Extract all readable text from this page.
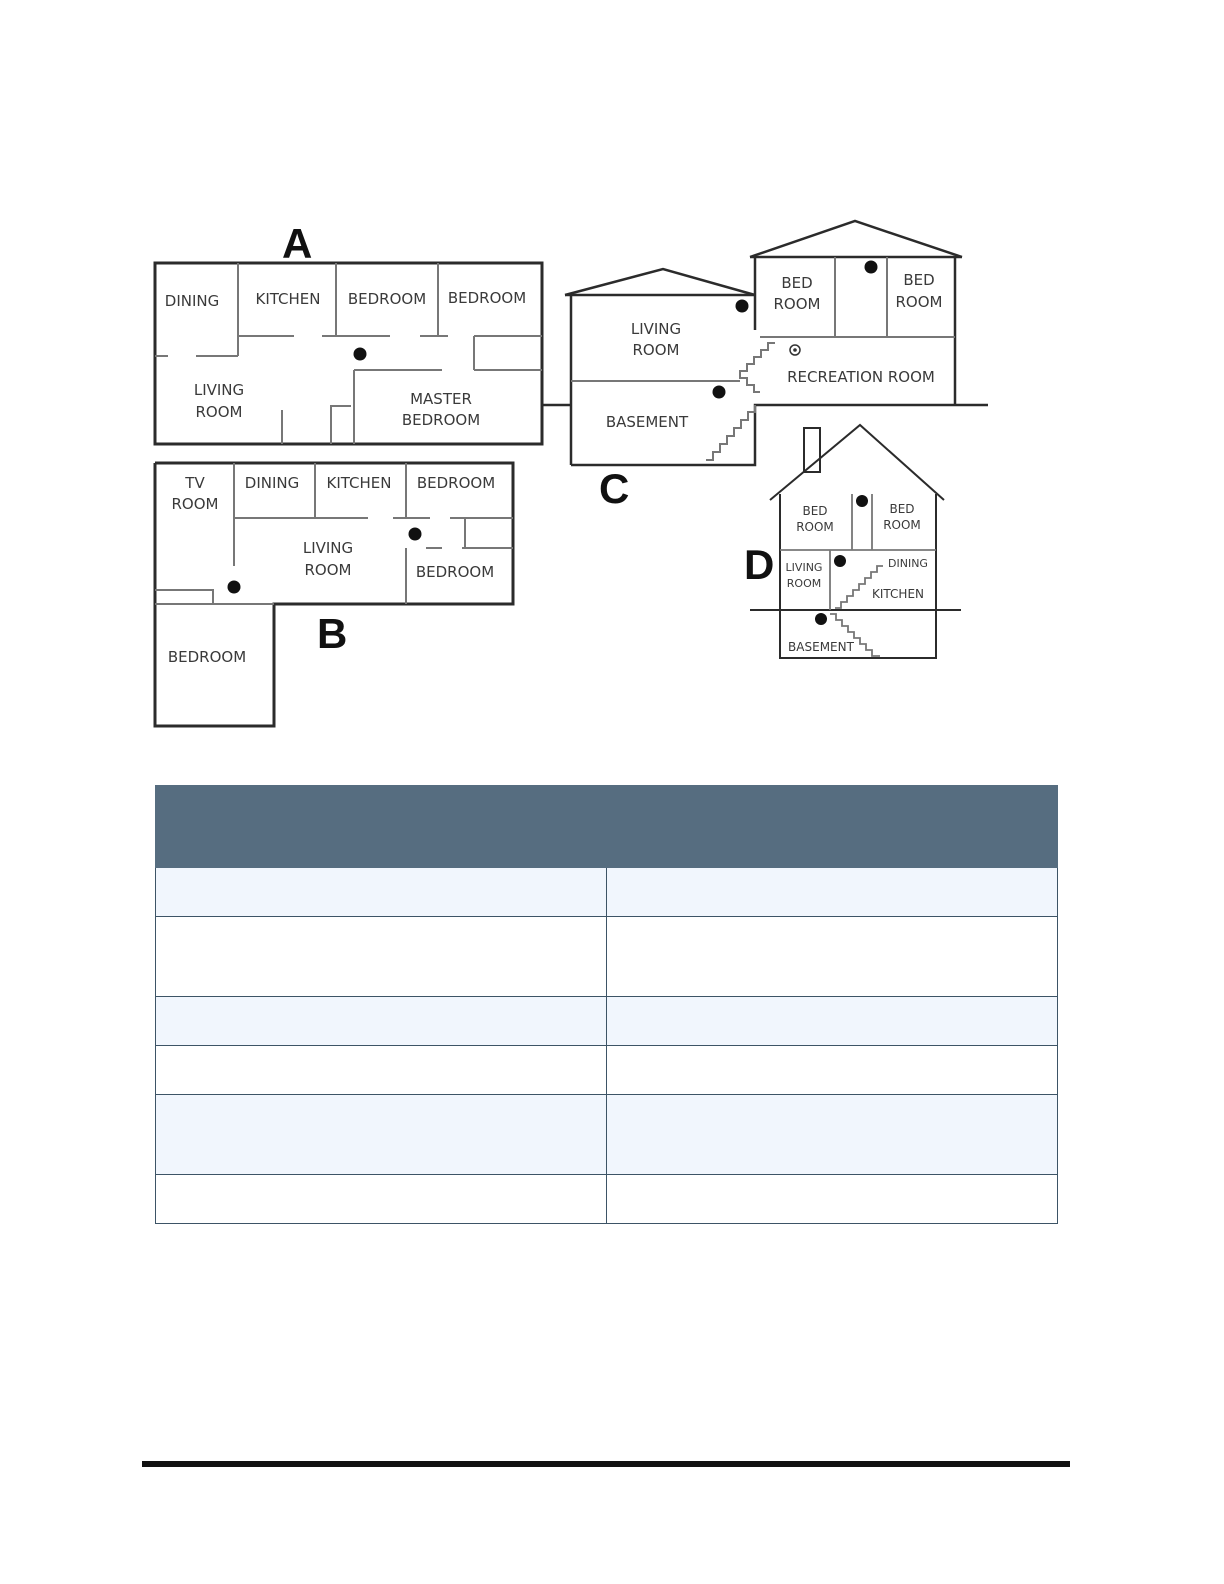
A
DINING KITCHEN BEDROOM BEDROOM
LIVING
ROOM
MASTER
BEDROOM
TV
ROOM
DINING KITCHEN BEDROOM
LIVING
ROOM	BEDROOM
BEDROOM B
LIVING
ROOM
BASEMENT
BED
ROOM
BED
ROOM
RECREATION ROOM
C	BED
ROOM
BED
ROOM
LIVING
ROOM
DINING
KITCHEN
BASEMENT
D
